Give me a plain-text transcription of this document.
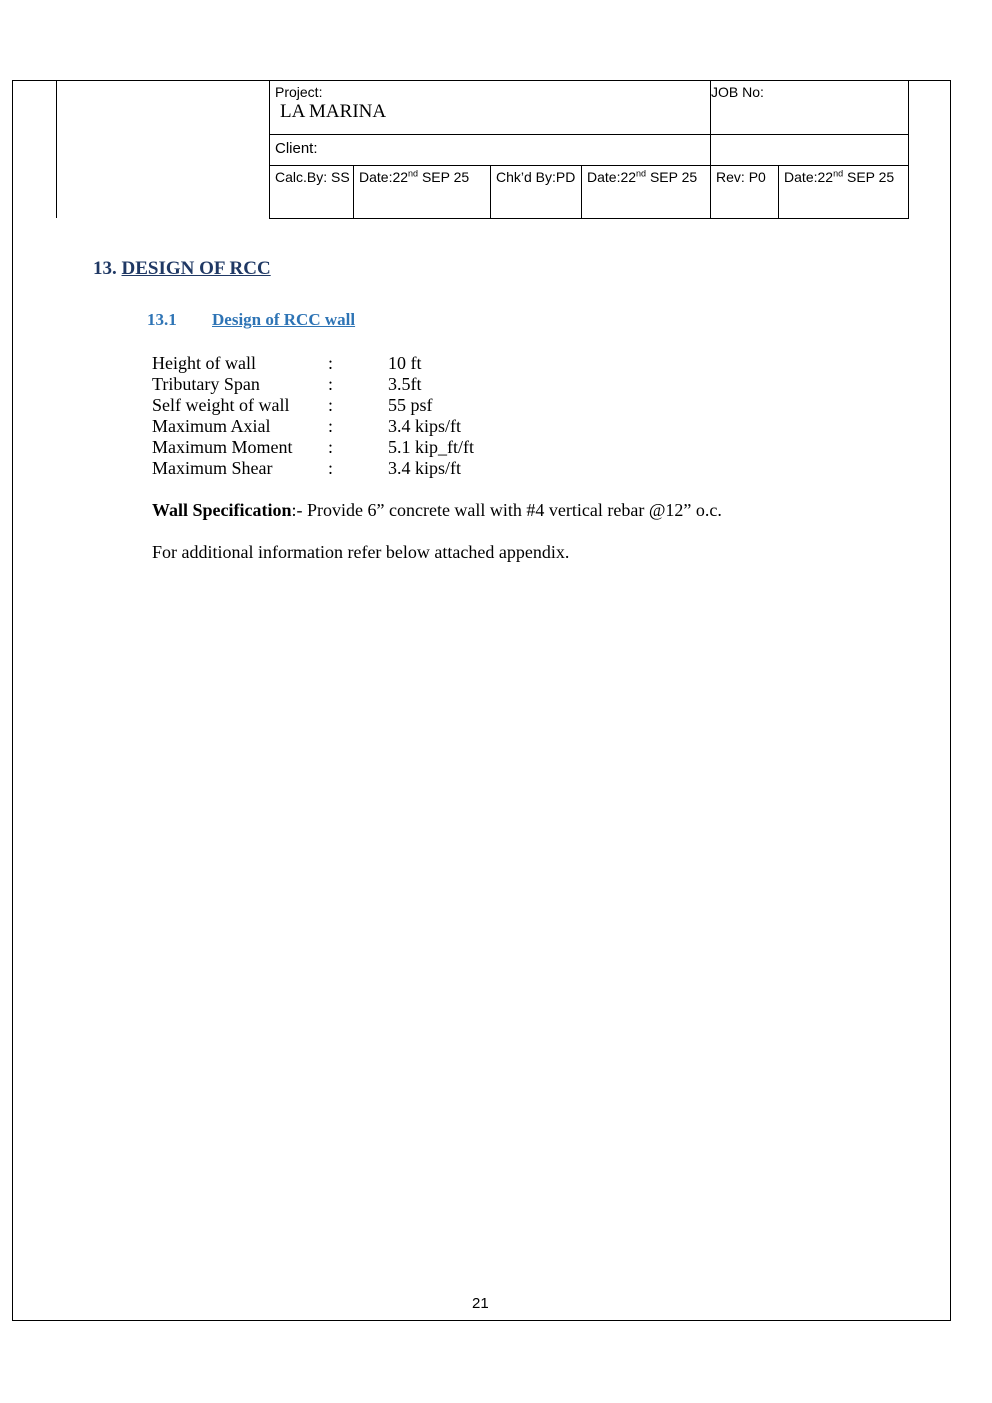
Project:
LA MARINA				JOB No:	

Client:					

Calc.By: SS	Date:22nd SEP 25	Chk’d By:PD	Date:22nd SEP 25	Rev: P0	Date:22nd SEP 25
13. DESIGN OF RCC
13.1 Design of RCC wall
Height of wall	:	10 ft
Tributary Span	:	3.5ft
Self weight of wall	:	55 psf
Maximum Axial	:	3.4 kips/ft
Maximum Moment	:	5.1 kip_ft/ft
Maximum Shear	:	3.4 kips/ft
Wall Specification:- Provide 6” concrete wall with #4 vertical rebar @12” o.c.
For additional information refer below attached appendix.
21
